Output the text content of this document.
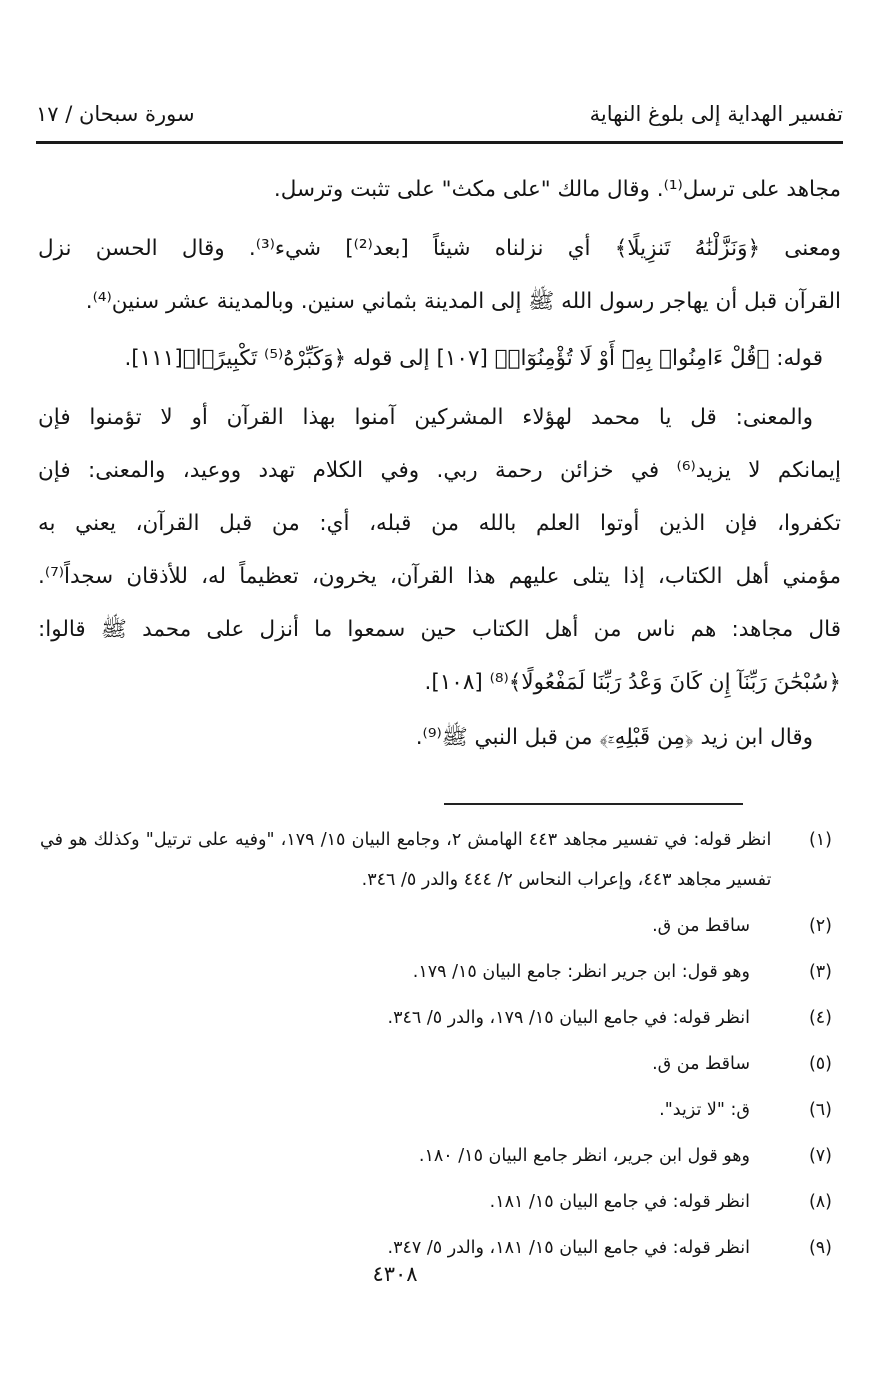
تفسير الهداية إلى بلوغ النهاية
سورة سبحان / ١٧
مجاهد على ترسل⁽¹⁾. وقال مالك "على مكث" على تثبت وترسل.
ومعنى ﴿وَنَزَّلْنَٰهُ تَنزِيلًا﴾ أي نزلناه شيئاً [بعد⁽²⁾] شيء⁽³⁾. وقال الحسن نزل
القرآن قبل أن يهاجر رسول الله ﷺ إلى المدينة بثماني سنين. وبالمدينة عشر سنين⁽⁴⁾.
قوله: ﴿قُلْ ءَامِنُوا۟ بِهِۦٓ أَوْ لَا تُؤْمِنُوٓا۟﴾ [١٠٧] إلى قوله ﴿وَكَبِّرْهُ⁽⁵⁾ تَكْبِيرًۢا﴾[١١١].
والمعنى: قل يا محمد لهؤلاء المشركين آمنوا بهذا القرآن أو لا تؤمنوا فإن
إيمانكم لا يزيد⁽⁶⁾ في خزائن رحمة ربي. وفي الكلام تهدد ووعيد، والمعنى: فإن
تكفروا، فإن الذين أوتوا العلم بالله من قبله، أي: من قبل القرآن، يعني به
مؤمني أهل الكتاب، إذا يتلى عليهم هذا القرآن، يخرون، تعظيماً له، للأذقان سجداً⁽⁷⁾.
قال مجاهد: هم ناس من أهل الكتاب حين سمعوا ما أنزل على محمد ﷺ قالوا:
﴿سُبْحَٰنَ رَبِّنَآ إِن كَانَ وَعْدُ رَبِّنَا لَمَفْعُولًا﴾⁽⁸⁾ [١٠٨].
وقال ابن زيد ﴿مِن قَبْلِهِۦٓ﴾ من قبل النبي ﷺ⁽⁹⁾.
(١)
انظر قوله: في تفسير مجاهد ٤٤٣ الهامش ٢، وجامع البيان ١٥/ ١٧٩، "وفيه على ترتيل" وكذلك هو في تفسير مجاهد ٤٤٣، وإعراب النحاس ٢/ ٤٤٤ والدر ٥/ ٣٤٦.
(٢)
ساقط من ق.
(٣)
وهو قول: ابن جرير انظر: جامع البيان ١٥/ ١٧٩.
(٤)
انظر قوله: في جامع البيان ١٥/ ١٧٩، والدر ٥/ ٣٤٦.
(٥)
ساقط من ق.
(٦)
ق: "لا تزيد".
(٧)
وهو قول ابن جرير، انظر جامع البيان ١٥/ ١٨٠.
(٨)
انظر قوله: في جامع البيان ١٥/ ١٨١.
(٩)
انظر قوله: في جامع البيان ١٥/ ١٨١، والدر ٥/ ٣٤٧.
٤٣٠٨
